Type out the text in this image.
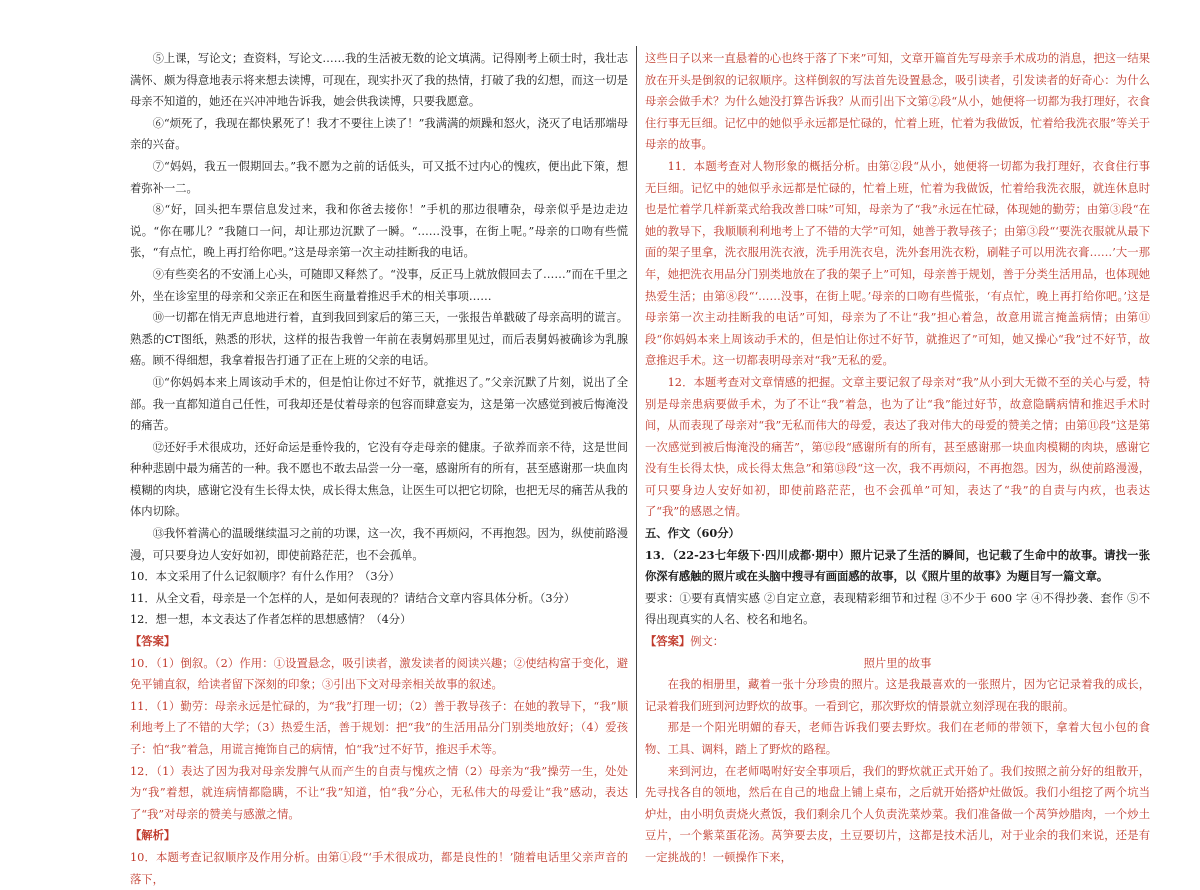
⑤上课，写论文；查资料，写论文……我的生活被无数的论文填满。记得刚考上硕士时，我壮志满怀、颇为得意地表示将来想去读博，可现在，现实扑灭了我的热情，打破了我的幻想，而这一切是母亲不知道的，她还在兴冲冲地告诉我，她会供我读博，只要我愿意。

⑥“烦死了，我现在都快累死了！我才不要往上读了！”我满满的烦躁和怒火，浇灭了电话那端母亲的兴奋。

⑦“妈妈，我五一假期回去。”我不愿为之前的话低头，可又抵不过内心的愧疚，便出此下策，想着弥补一二。

⑧“好，回头把车票信息发过来，我和你爸去接你！”手机的那边很嘈杂，母亲似乎是边走边说。“你在哪儿？”我随口一问，却让那边沉默了一瞬。“……没事，在街上呢。”母亲的口吻有些慌张，“有点忙，晚上再打给你吧。”这是母亲第一次主动挂断我的电话。

⑨有些奕名的不安涌上心头，可随即又释然了。“没事，反正马上就放假回去了……”而在千里之外，坐在诊室里的母亲和父亲正在和医生商量着推迟手术的相关事项……

⑩一切都在悄无声息地进行着，直到我回到家后的第三天，一张报告单戳破了母亲高明的谎言。熟悉的CT图纸，熟悉的形状，这样的报告我曾一年前在表舅妈那里见过，而后表舅妈被确诊为乳腺癌。顾不得细想，我拿着报告打通了正在上班的父亲的电话。

⑪“你妈妈本来上周该动手术的，但是怕让你过不好节，就推迟了。”父亲沉默了片刻，说出了全部。我一直都知道自己任性，可我却还是仗着母亲的包容而肆意妄为，这是第一次感觉到被后悔淹没的痛苦。

⑫还好手术很成功，还好命运是垂怜我的，它没有夺走母亲的健康。子欲养而亲不待，这是世间种种悲剧中最为痛苦的一种。我不愿也不敢去品尝一分一毫，感谢所有的所有，甚至感谢那一块血肉模糊的肉块，感谢它没有生长得太快，成长得太焦急，让医生可以把它切除，也把无尽的痛苦从我的体内切除。

⑬我怀着满心的温暖继续温习之前的功课，这一次，我不再烦闷，不再抱怨。因为，纵使前路漫漫，可只要身边人安好如初，即使前路茫茫，也不会孤单。

10．本文采用了什么记叙顺序？有什么作用？（3分）

11．从全文看，母亲是一个怎样的人，是如何表现的？请结合文章内容具体分析。（3分）

12．想一想，本文表达了作者怎样的思想感情？（4分）

【答案】

10．（1）倒叙。（2）作用：①设置悬念，吸引读者，激发读者的阅读兴趣；②使结构富于变化，避免平铺直叙，给读者留下深刻的印象；③引出下文对母亲相关故事的叙述。

11．（1）勤劳：母亲永远是忙碌的，为“我”打理一切；（2）善于教导孩子：在她的教导下，“我”顺利地考上了不错的大学；（3）热爱生活，善于规划：把“我”的生活用品分门别类地放好；（4）爱孩子：怕“我”着急，用谎言掩饰自己的病情，怕“我”过不好节，推迟手术等。

12．（1）表达了因为我对母亲发脾气从而产生的自责与愧疚之情（2）母亲为“我”操劳一生，处处为“我”着想，就连病情都隐瞒，不让“我”知道，怕“我”分心，无私伟大的母爱让“我”感动，表达了“我”对母亲的赞美与感激之情。

【解析】

10．本题考查记叙顺序及作用分析。由第①段“‘手术很成功，都是良性的！’随着电话里父亲声音的落下，

这些日子以来一直悬着的心也终于落了下来”可知，文章开篇首先写母亲手术成功的消息，把这一结果放在开头是倒叙的记叙顺序。这样倒叙的写法首先设置悬念，吸引读者，引发读者的好奇心：为什么母亲会做手术？为什么她没打算告诉我？从而引出下文第②段“从小，她便将一切都为我打理好，衣食住行事无巨细。记忆中的她似乎永远都是忙碌的，忙着上班，忙着为我做饭，忙着给我洗衣服”等关于母亲的故事。

11．本题考查对人物形象的概括分析。由第②段“从小，她便将一切都为我打理好，衣食住行事无巨细。记忆中的她似乎永远都是忙碌的，忙着上班，忙着为我做饭，忙着给我洗衣服，就连休息时也是忙着学几样新菜式给我改善口味”可知，母亲为了“我”永远在忙碌，体现她的勤劳；由第③段“在她的教导下，我顺顺利利地考上了不错的大学”可知，她善于教导孩子；由第③段“‘要洗衣服就从最下面的架子里拿，洗衣服用洗衣液，洗手用洗衣皂，洗外套用洗衣粉，刷鞋子可以用洗衣膏……’大一那年，她把洗衣用品分门别类地放在了我的架子上”可知，母亲善于规划，善于分类生活用品，也体现她热爱生活；由第⑧段“‘……没事，在街上呢。’母亲的口吻有些慌张，‘有点忙，晚上再打给你吧。’这是母亲第一次主动挂断我的电话”可知，母亲为了不让“我”担心着急，故意用谎言掩盖病情；由第⑪段“你妈妈本来上周该动手术的，但是怕让你过不好节，就推迟了”可知，她又操心“我”过不好节，故意推迟手术。这一切都表明母亲对“我”无私的爱。

12．本题考查对文章情感的把握。文章主要记叙了母亲对“我”从小到大无微不至的关心与爱，特别是母亲患病要做手术，为了不让“我”着急，也为了让“我”能过好节，故意隐瞒病情和推迟手术时间，从而表现了母亲对“我”无私而伟大的母爱，表达了我对伟大的母爱的赞美之情；由第⑪段“这是第一次感觉到被后悔淹没的痛苦”，第⑫段“感谢所有的所有，甚至感谢那一块血肉模糊的肉块，感谢它没有生长得太快，成长得太焦急”和第⑬段“这一次，我不再烦闷，不再抱怨。因为，纵使前路漫漫，可只要身边人安好如初，即使前路茫茫，也不会孤单”可知，表达了“我”的自责与内疚，也表达了“我”的感恩之情。

五、作文（60分）

13．（22-23七年级下·四川成都·期中）照片记录了生活的瞬间，也记载了生命中的故事。请找一张你深有感触的照片或在头脑中搜寻有画面感的故事，以《照片里的故事》为题目写一篇文章。

要求：①要有真情实感 ②自定立意，表现精彩细节和过程 ③不少于 600 字 ④不得抄袭、套作 ⑤不得出现真实的人名、校名和地名。

【答案】例文：

照片里的故事

在我的相册里，藏着一张十分珍贵的照片。这是我最喜欢的一张照片，因为它记录着我的成长，记录着我们班到河边野炊的故事。一看到它，那次野炊的情景就立刻浮现在我的眼前。

那是一个阳光明媚的春天，老师告诉我们要去野炊。我们在老师的带领下，拿着大包小包的食物、工具、调料，踏上了野炊的路程。

来到河边，在老师喝咐好安全事项后，我们的野炊就正式开始了。我们按照之前分好的组散开，先寻找各自的领地，然后在自己的地盘上铺上桌布，之后就开始搭炉灶做饭。我们小组挖了两个坑当炉灶，由小明负责烧火煮饭，我们剩余几个人负责洗菜炒菜。我们准备做一个莴笋炒腊肉，一个炒土豆片，一个紫菜蛋花汤。莴笋要去皮，土豆要切片，这都是技术活儿，对于业余的我们来说，还是有一定挑战的！一顿操作下来，
